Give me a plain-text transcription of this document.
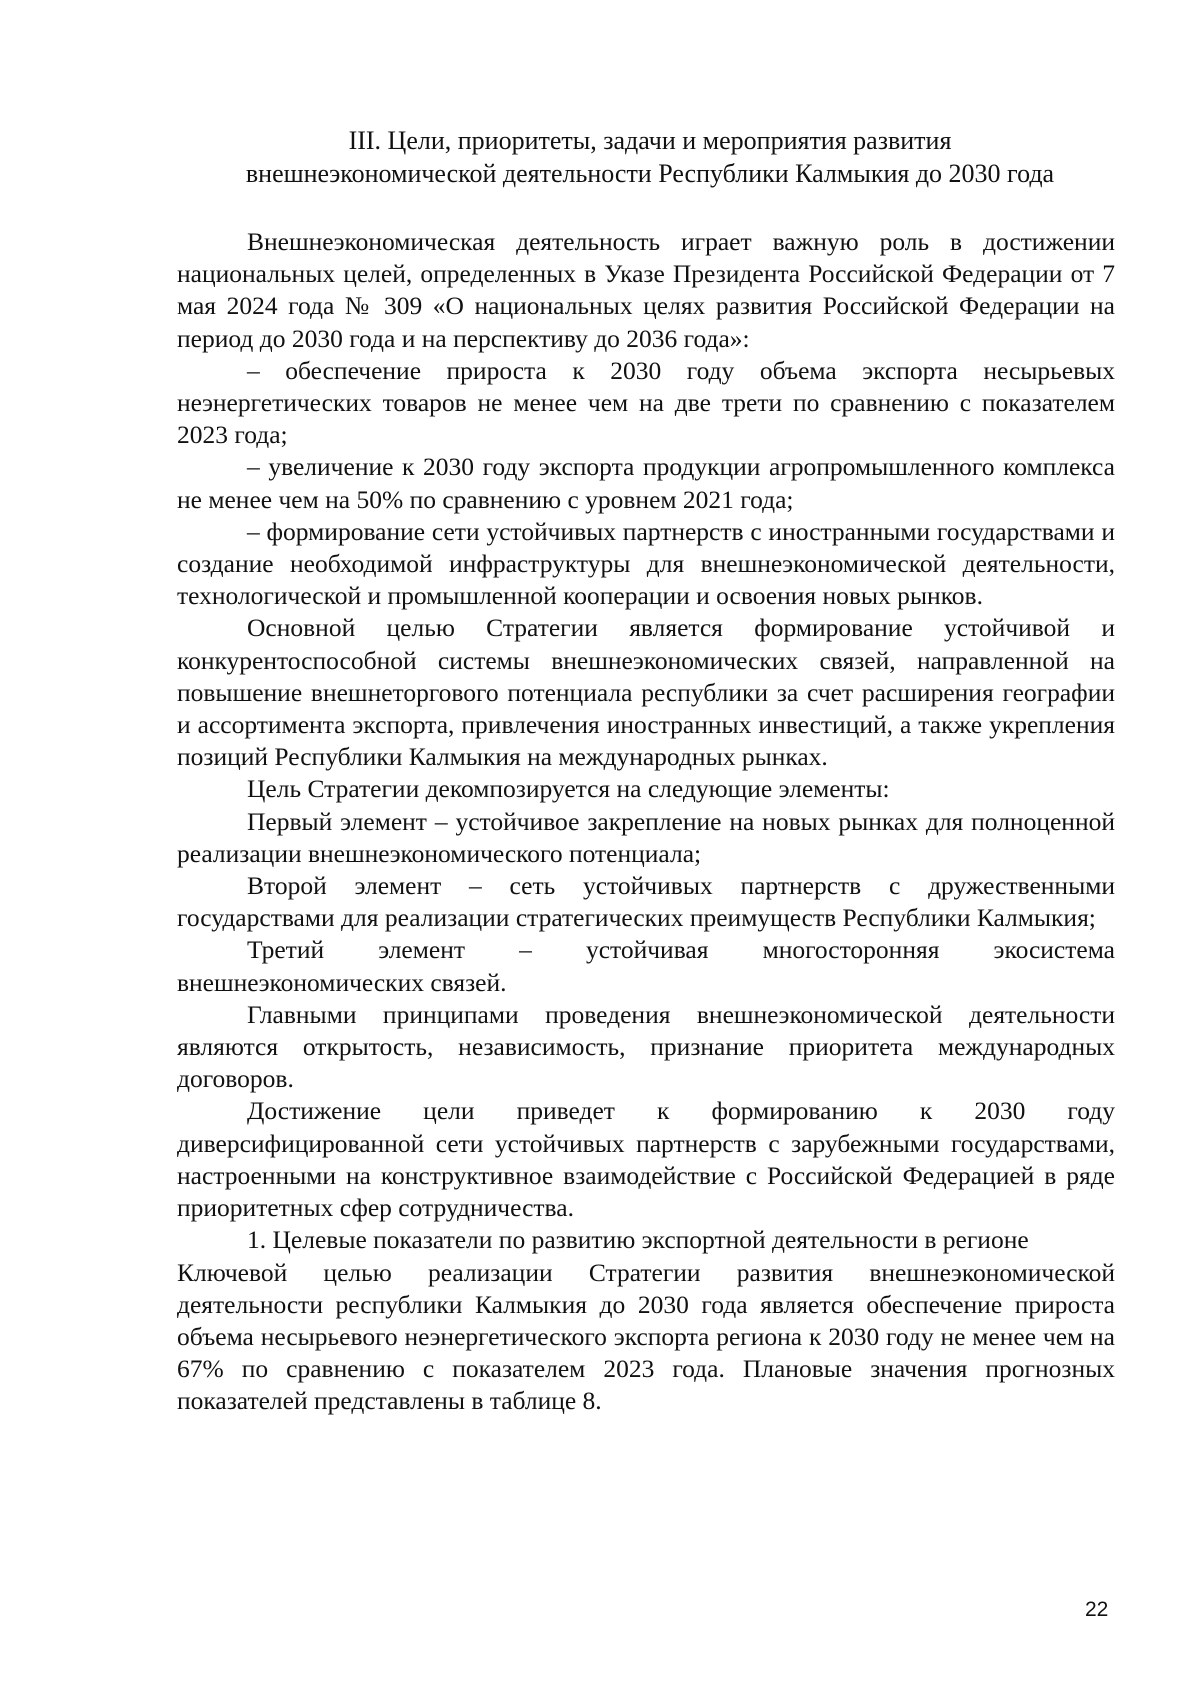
III. Цели, приоритеты, задачи и мероприятия развития
внешнеэкономической деятельности Республики Калмыкия до 2030 года

Внешнеэкономическая деятельность играет важную роль в достижении национальных целей, определенных в Указе Президента Российской Федерации от 7 мая 2024 года № 309 «О национальных целях развития Российской Федерации на период до 2030 года и на перспективу до 2036 года»:

– обеспечение прироста к 2030 году объема экспорта несырьевых неэнергетических товаров не менее чем на две трети по сравнению с показателем 2023 года;

– увеличение к 2030 году экспорта продукции агропромышленного комплекса не менее чем на 50% по сравнению с уровнем 2021 года;

– формирование сети устойчивых партнерств с иностранными государствами и создание необходимой инфраструктуры для внешнеэкономической деятельности, технологической и промышленной кооперации и освоения новых рынков.

Основной целью Стратегии является формирование устойчивой и конкурентоспособной системы внешнеэкономических связей, направленной на повышение внешнеторгового потенциала республики за счет расширения географии и ассортимента экспорта, привлечения иностранных инвестиций, а также укрепления позиций Республики Калмыкия на международных рынках.

Цель Стратегии декомпозируется на следующие элементы:

Первый элемент – устойчивое закрепление на новых рынках для полноценной реализации внешнеэкономического потенциала;

Второй элемент – сеть устойчивых партнерств с дружественными государствами для реализации стратегических преимуществ Республики Калмыкия;

Третий элемент – устойчивая многосторонняя экосистема внешнеэкономических связей.

Главными принципами проведения внешнеэкономической деятельности являются открытость, независимость, признание приоритета международных договоров.

Достижение цели приведет к формированию к 2030 году диверсифицированной сети устойчивых партнерств с зарубежными государствами, настроенными на конструктивное взаимодействие с Российской Федерацией в ряде приоритетных сфер сотрудничества.

1. Целевые показатели по развитию экспортной деятельности в регионе

Ключевой целью реализации Стратегии развития внешнеэкономической деятельности республики Калмыкия до 2030 года является обеспечение прироста объема несырьевого неэнергетического экспорта региона к 2030 году не менее чем на 67% по сравнению с показателем 2023 года. Плановые значения прогнозных показателей представлены в таблице 8.

22
